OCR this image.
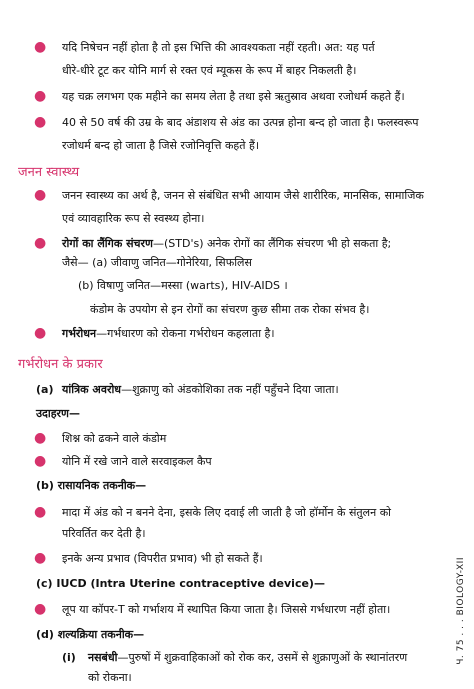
● यदि निषेचन नहीं होता है तो इस भित्ति की आवश्यकता नहीं रहती। अत: यह पर्त
धीरे-धीरे टूट कर योनि मार्ग से रक्त एवं म्यूकस के रूप में बाहर निकलती है।
● यह चक्र लगभग एक महीने का समय लेता है तथा इसे ऋतुस्राव अथवा रजोधर्म कहते हैं।
● 40 से 50 वर्ष की उम्र के बाद अंडाशय से अंड का उत्पन्न होना बन्द हो जाता है। फलस्वरूप
रजोधर्म बन्द हो जाता है जिसे रजोनिवृत्ति कहते हैं।
जनन स्वास्थ्य
● जनन स्वास्थ्य का अर्थ है, जनन से संबंधित सभी आयाम जैसे शारीरिक, मानसिक, सामाजिक
एवं व्यावहारिक रूप से स्वस्थ्य होना।
● रोगों का लैंगिक संचरण—(STD's) अनेक रोगों का लैंगिक संचरण भी हो सकता है;
जैसे— (a) जीवाणु जनित—गोनेरिया, सिफलिस
(b) विषाणु जनित—मस्सा (warts), HIV-AIDS ।
कंडोम के उपयोग से इन रोगों का संचरण कुछ सीमा तक रोका संभव है।
● गर्भरोधन—गर्भधारण को रोकना गर्भरोधन कहलाता है।
गर्भरोधन के प्रकार
(a) यांत्रिक अवरोध—शुक्राणु को अंडकोशिका तक नहीं पहुँचने दिया जाता।
उदाहरण—
● शिश्न को ढकने वाले कंडोम
● योनि में रखे जाने वाले सरवाइकल कैप
(b) रासायनिक तकनीक—
● मादा में अंड को न बनने देना, इसके लिए दवाई ली जाती है जो हॉर्मोन के संतुलन को
परिवर्तित कर देती है।
● इनके अन्य प्रभाव (विपरीत प्रभाव) भी हो सकते हैं।
(c) IUCD (Intra Uterine contraceptive device)—
● लूप या कॉपर-T को गर्भाशय में स्थापित किया जाता है। जिससे गर्भधारण नहीं होता।
(d) शल्यक्रिया तकनीक—
(i) नसबंधी—पुरुषों में शुक्रवाहिकाओं को रोक कर, उसमें से शुक्राणुओं के स्थानांतरण
को रोकना।
Ч. 75 . . . BIOLOGY-XII
